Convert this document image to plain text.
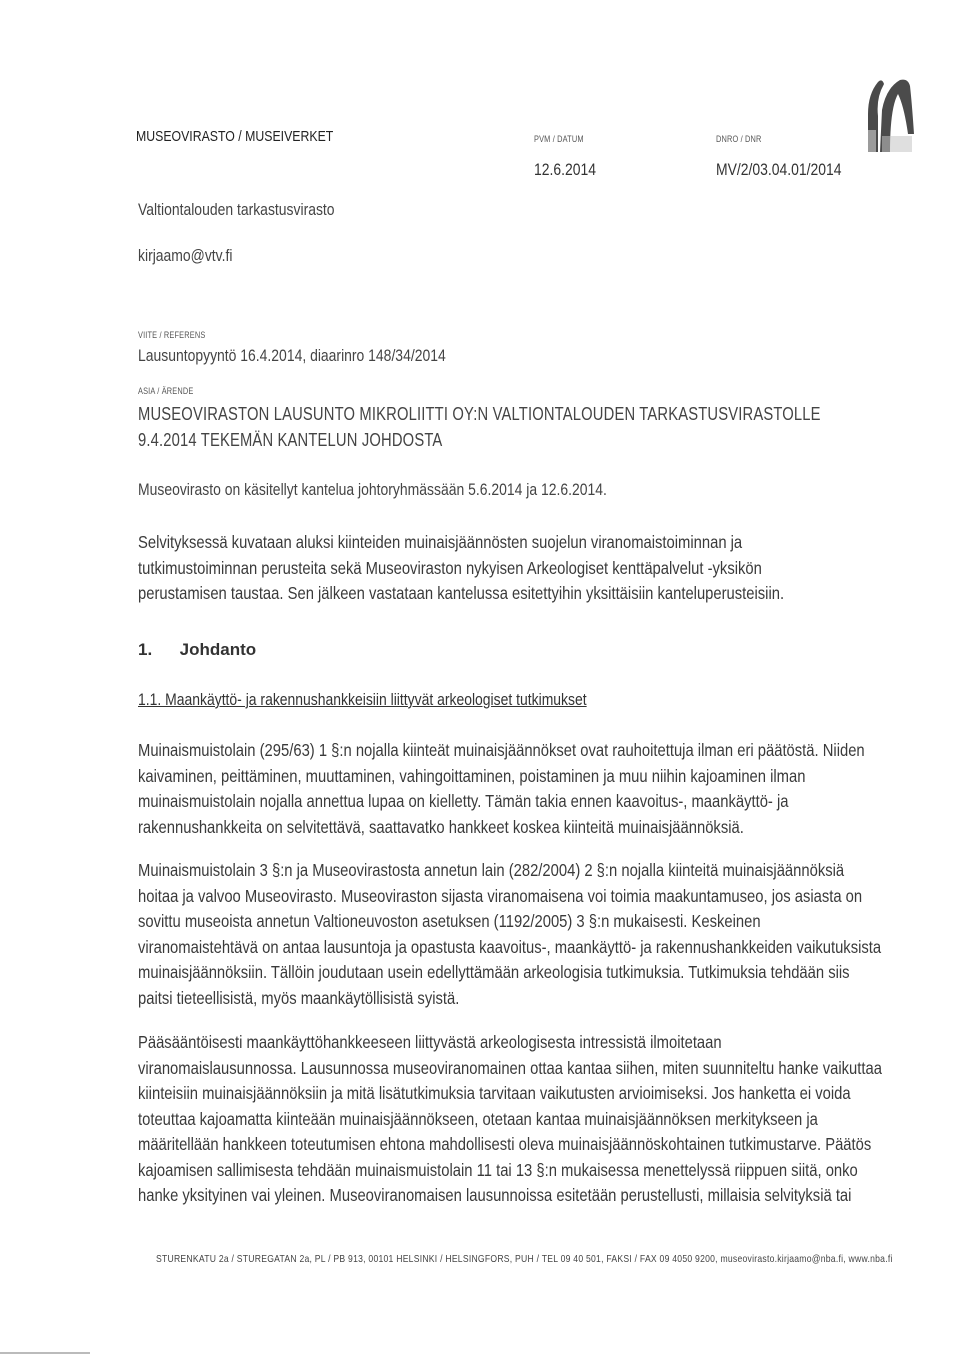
MUSEOVIRASTO / MUSEIVERKET	PVM / DATUM
12.6.2014
DNRO / DNR
MV/2/03.04.01/2014
Valtiontalouden tarkastusvirasto
kirjaamo@vtv.fi
VIITE / REFERENS
Lausuntopyyntö 16.4.2014, diaarinro 148/34/2014
ASIA / ÄRENDE
MUSEOVIRASTON LAUSUNTO MIKROLIITTI OY:N VALTIONTALOUDEN TARKASTUSVIRASTOLLE
9.4.2014 TEKEMÄN KANTELUN JOHDOSTA
Museovirasto on käsitellyt kantelua johtoryhmässään 5.6.2014 ja 12.6.2014.

Selvityksessä kuvataan aluksi kiinteiden muinaisjäännösten suojelun viranomaistoiminnan ja

tutkimustoiminnan perusteita sekä Museoviraston nykyisen Arkeologiset kenttäpalvelut -yksikön

perustamisen taustaa. Sen jälkeen vastataan kantelussa esitettyihin yksittäisiin kanteluperusteisiin.

1. Johdanto
1.1. Maankäyttö- ja rakennushankkeisiin liittyvät arkeologiset tutkimukset

Muinaismuistolain (295/63) 1 §:n nojalla kiinteät muinaisjäännökset ovat rauhoitettuja ilman eri päätöstä. Niiden

kaivaminen, peittäminen, muuttaminen, vahingoittaminen, poistaminen ja muu niihin kajoaminen ilman

muinaismuistolain nojalla annettua lupaa on kielletty. Tämän takia ennen kaavoitus-, maankäyttö- ja

rakennushankkeita on selvitettävä, saattavatko hankkeet koskea kiinteitä muinaisjäännöksiä.

Muinaismuistolain 3 §:n ja Museovirastosta annetun lain (282/2004) 2 §:n nojalla kiinteitä muinaisjäännöksiä

hoitaa ja valvoo Museovirasto. Museoviraston sijasta viranomaisena voi toimia maakuntamuseo, jos asiasta on

sovittu museoista annetun Valtioneuvoston asetuksen (1192/2005) 3 §:n mukaisesti. Keskeinen

viranomaistehtävä on antaa lausuntoja ja opastusta kaavoitus-, maankäyttö- ja rakennushankkeiden vaikutuksista

muinaisjäännöksiin. Tällöin joudutaan usein edellyttämään arkeologisia tutkimuksia. Tutkimuksia tehdään siis

paitsi tieteellisistä, myös maankäytöllisistä syistä.

Pääsääntöisesti maankäyttöhankkeeseen liittyvästä arkeologisesta intressistä ilmoitetaan

viranomaislausunnossa. Lausunnossa museoviranomainen ottaa kantaa siihen, miten suunniteltu hanke vaikuttaa

kiinteisiin muinaisjäännöksiin ja mitä lisätutkimuksia tarvitaan vaikutusten arvioimiseksi. Jos hanketta ei voida

toteuttaa kajoamatta kiinteään muinaisjäännökseen, otetaan kantaa muinaisjäännöksen merkitykseen ja

määritellään hankkeen toteutumisen ehtona mahdollisesti oleva muinaisjäännöskohtainen tutkimustarve. Päätös

kajoamisen sallimisesta tehdään muinaismuistolain 11 tai 13 §:n mukaisessa menettelyssä riippuen siitä, onko

hanke yksityinen vai yleinen. Museoviranomaisen lausunnoissa esitetään perustellusti, millaisia selvityksiä tai

STURENKATU 2a / STUREGATAN 2a, PL / PB 913, 00101 HELSINKI / HELSINGFORS, PUH / TEL 09 40 501, FAKSI / FAX 09 4050 9200, museovirasto.kirjaamo@nba.fi, www.nba.fi
